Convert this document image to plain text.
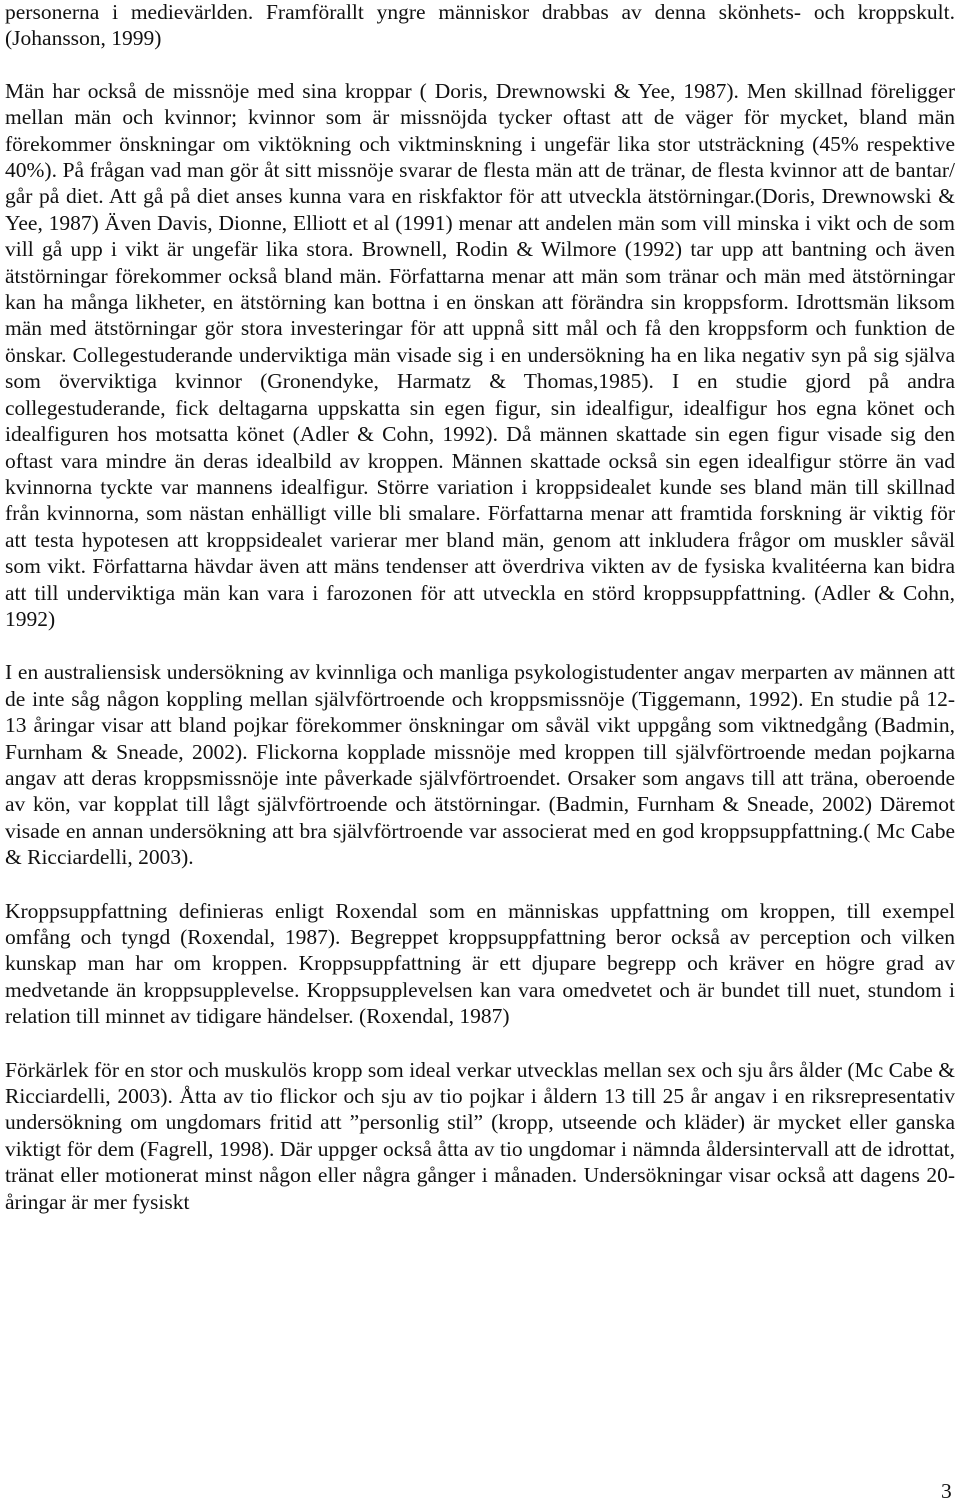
personerna i medievärlden. Framförallt yngre människor drabbas av denna skönhets- och kroppskult. (Johansson, 1999)

Män har också de missnöje med sina kroppar ( Doris, Drewnowski & Yee, 1987). Men skillnad föreligger mellan män och kvinnor; kvinnor som är missnöjda tycker oftast att de väger för mycket, bland män förekommer önskningar om viktökning och viktminskning i ungefär lika stor utsträckning (45% respektive 40%). På frågan vad man gör åt sitt missnöje svarar de flesta män att de tränar, de flesta kvinnor att de bantar/ går på diet. Att gå på diet anses kunna vara en riskfaktor för att utveckla ätstörningar.(Doris, Drewnowski & Yee, 1987) Även Davis, Dionne, Elliott et al (1991) menar att andelen män som vill minska i vikt och de som vill gå upp i vikt är ungefär lika stora. Brownell, Rodin & Wilmore (1992) tar upp att bantning och även ätstörningar förekommer också bland män. Författarna menar att män som tränar och män med ätstörningar kan ha många likheter, en ätstörning kan bottna i en önskan att förändra sin kroppsform. Idrottsmän liksom män med ätstörningar gör stora investeringar för att uppnå sitt mål och få den kroppsform och funktion de önskar. Collegestuderande underviktiga män visade sig i en undersökning ha en lika negativ syn på sig själva som överviktiga kvinnor (Gronendyke, Harmatz & Thomas,1985). I en studie gjord på andra collegestuderande, fick deltagarna uppskatta sin egen figur, sin idealfigur, idealfigur hos egna könet och idealfiguren hos motsatta könet (Adler & Cohn, 1992). Då männen skattade sin egen figur visade sig den oftast vara mindre än deras idealbild av kroppen. Männen skattade också sin egen idealfigur större än vad kvinnorna tyckte var mannens idealfigur. Större variation i kroppsidealet kunde ses bland män till skillnad från kvinnorna, som nästan enhälligt ville bli smalare. Författarna menar att framtida forskning är viktig för att testa hypotesen att kroppsidealet varierar mer bland män, genom att inkludera frågor om muskler såväl som vikt. Författarna hävdar även att mäns tendenser att överdriva vikten av de fysiska kvalitéerna kan bidra att till underviktiga män kan vara i farozonen för att utveckla en störd kroppsuppfattning. (Adler & Cohn, 1992)

I en australiensisk undersökning av kvinnliga och manliga psykologistudenter angav merparten av männen att de inte såg någon koppling mellan självförtroende och kroppsmissnöje (Tiggemann, 1992). En studie på 12-13 åringar visar att bland pojkar förekommer önskningar om såväl vikt uppgång som viktnedgång (Badmin, Furnham & Sneade, 2002). Flickorna kopplade missnöje med kroppen till självförtroende medan pojkarna angav att deras kroppsmissnöje inte påverkade självförtroendet. Orsaker som angavs till att träna, oberoende av kön, var kopplat till lågt självförtroende och ätstörningar. (Badmin, Furnham & Sneade, 2002) Däremot visade en annan undersökning att bra självförtroende var associerat med en god kroppsuppfattning.( Mc Cabe & Ricciardelli, 2003).

Kroppsuppfattning definieras enligt Roxendal som en människas uppfattning om kroppen, till exempel omfång och tyngd (Roxendal, 1987). Begreppet kroppsuppfattning beror också av perception och vilken kunskap man har om kroppen. Kroppsuppfattning är ett djupare begrepp och kräver en högre grad av medvetande än kroppsupplevelse. Kroppsupplevelsen kan vara omedvetet och är bundet till nuet, stundom i relation till minnet av tidigare händelser. (Roxendal, 1987)

Förkärlek för en stor och muskulös kropp som ideal verkar utvecklas mellan sex och sju års ålder (Mc Cabe & Ricciardelli, 2003). Åtta av tio flickor och sju av tio pojkar i åldern 13 till 25 år angav i en riksrepresentativ undersökning om ungdomars fritid att ”personlig stil” (kropp, utseende och kläder) är mycket eller ganska viktigt för dem (Fagrell, 1998). Där uppger också åtta av tio ungdomar i nämnda åldersintervall att de idrottat, tränat eller motionerat minst någon eller några gånger i månaden. Undersökningar visar också att dagens 20-åringar är mer fysiskt

3
